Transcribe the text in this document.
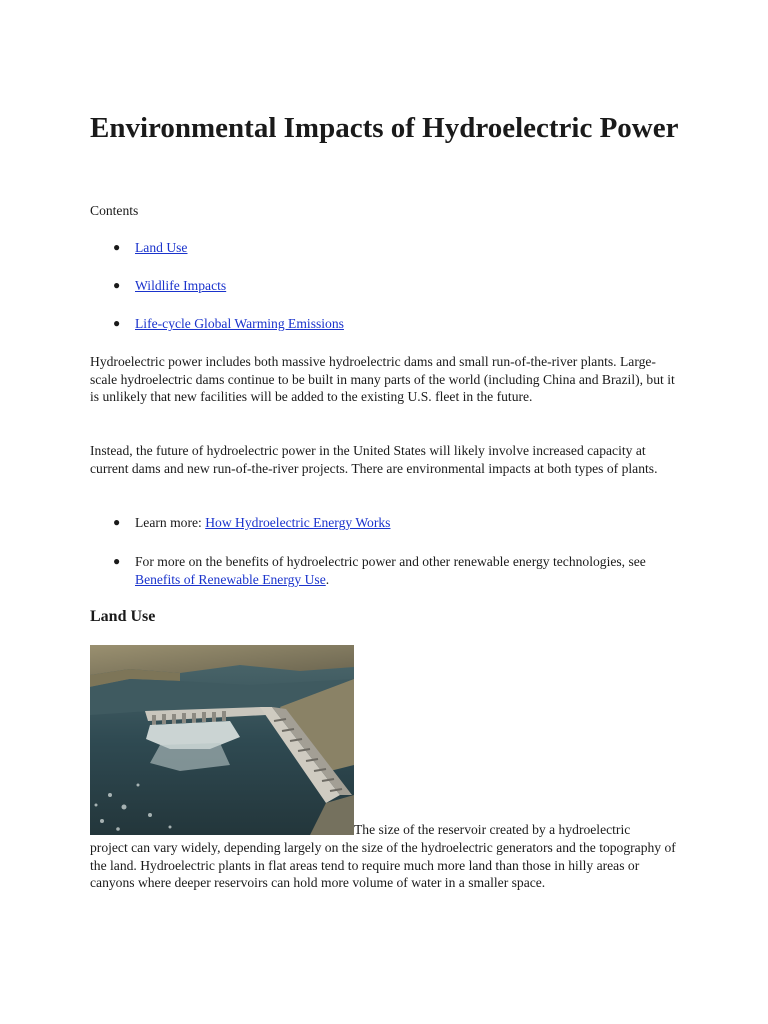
Environmental Impacts of Hydroelectric Power

Contents

● Land Use

● Wildlife Impacts

● Life-cycle Global Warming Emissions

Hydroelectric power includes both massive hydroelectric dams and small run-of-the-river plants. Large-scale hydroelectric dams continue to be built in many parts of the world (including China and Brazil), but it is unlikely that new facilities will be added to the existing U.S. fleet in the future.

Instead, the future of hydroelectric power in the United States will likely involve increased capacity at current dams and new run-of-the-river projects. There are environmental impacts at both types of plants.

● Learn more: How Hydroelectric Energy Works

● For more on the benefits of hydroelectric power and other renewable energy technologies, see Benefits of Renewable Energy Use.

Land Use

The size of the reservoir created by a hydroelectric

project can vary widely, depending largely on the size of the hydroelectric generators and the topography of the land. Hydroelectric plants in flat areas tend to require much more land than those in hilly areas or canyons where deeper reservoirs can hold more volume of water in a smaller space.
